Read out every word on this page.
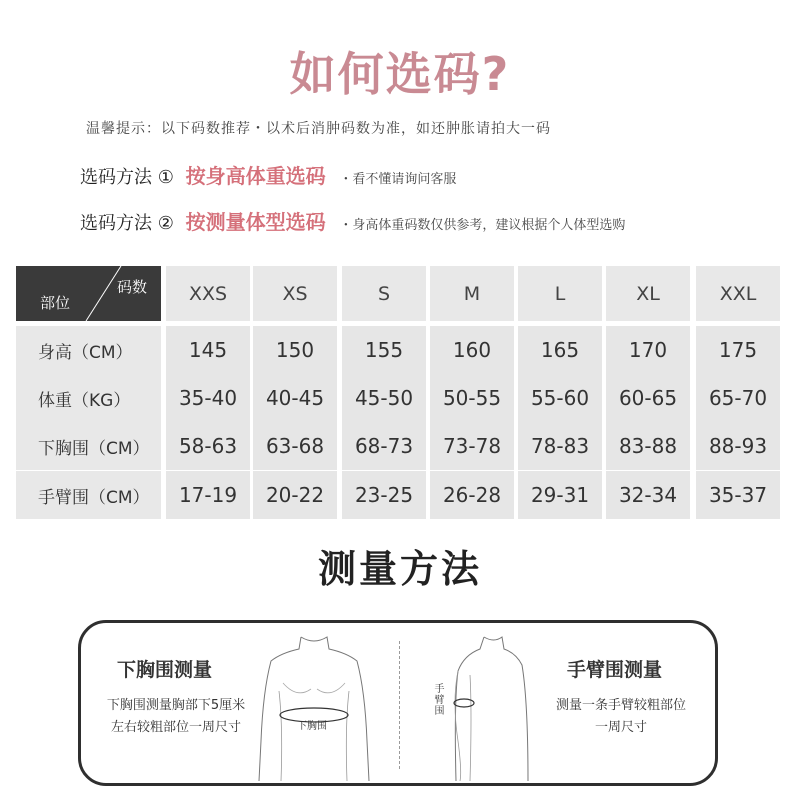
如何选码?
温馨提示：以下码数推荐・以术后消肿码数为准，如还肿胀请拍大一码
选码方法 ① 按身高体重选码 ・看不懂请询问客服
选码方法 ② 按测量体型选码 ・身高体重码数仅供参考，建议根据个人体型选购
部位
码数	XXS	XS	S	M	L	XL	XXL
身高（CM）	145	150	155	160	165	170	175
体重（KG）	35-40	40-45	45-50	50-55	55-60	60-65	65-70
下胸围（CM）	58-63	63-68	68-73	73-78	78-83	83-88	88-93
手臂围（CM）	17-19	20-22	23-25	26-28	29-31	32-34	35-37
测量方法
下胸围测量
下胸围测量胸部下5厘米
左右较粗部位一周尺寸	下胸围
手臂围
手臂围测量
测量一条手臂较粗部位
一周尺寸
